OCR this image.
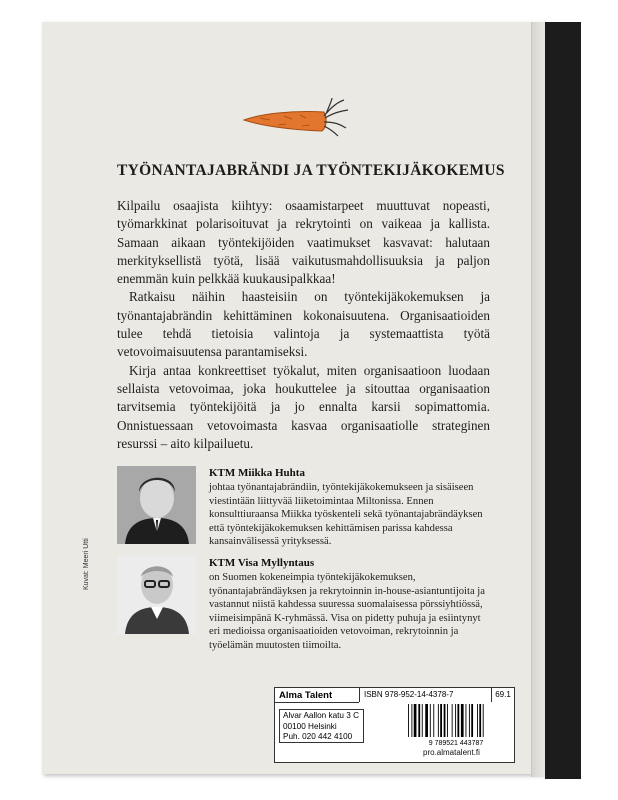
TYÖNANTAJABRÄNDI JA TYÖNTEKIJÄKOKEMUS

Kilpailu osaajista kiihtyy: osaamistarpeet muuttuvat nopeasti, työmarkkinat polarisoituvat ja rekrytointi on vaikeaa ja kallista. Samaan aikaan työntekijöiden vaatimukset kasvavat: halutaan merkityksellistä työtä, lisää vaikutusmahdollisuuksia ja paljon enemmän kuin pelkkää kuukausipalkkaa!

Ratkaisu näihin haasteisiin on työntekijäkokemuksen ja työnantajabrändin kehittäminen kokonaisuutena. Organisaatioiden tulee tehdä tietoisia valintoja ja systemaattista työtä vetovoimaisuutensa parantamiseksi.

Kirja antaa konkreettiset työkalut, miten organisaatioon luodaan sellaista vetovoimaa, joka houkuttelee ja sitouttaa organisaation tarvitsemia työntekijöitä ja jo ennalta karsii sopimattomia. Onnistuessaan vetovoimasta kasvaa organisaatiolle strateginen resurssi – aito kilpailuetu.

KTM Miikka Huhta
johtaa työnantajabrändiin, työntekijäkokemukseen ja sisäiseen viestintään liittyvää liiketoimintaa Miltonissa. Ennen konsulttiuraansa Miikka työskenteli sekä työnantajabrändäyksen että työntekijäkokemuksen kehittämisen parissa kahdessa kansainvälisessä yrityksessä.
KTM Visa Myllyntaus
on Suomen kokeneimpia työntekijäkokemuksen, työnantajabrändäyksen ja rekrytoinnin in-house-asiantuntijoita ja vastannut niistä kahdessa suuressa suomalaisessa pörssiyhtiössä, viimeisimpänä K-ryhmässä. Visa on pidetty puhuja ja esiintynyt eri medioissa organisaatioiden vetovoiman, rekrytoinnin ja työelämän muutosten tiimoilta.
Kuvat: Meeri Utti
Alma Talent	ISBN 978-952-14-4378-7	69.1
Alvar Aallon katu 3 C
00100 Helsinki
Puh. 020 442 4100
9 789521 443787
pro.almatalent.fi
